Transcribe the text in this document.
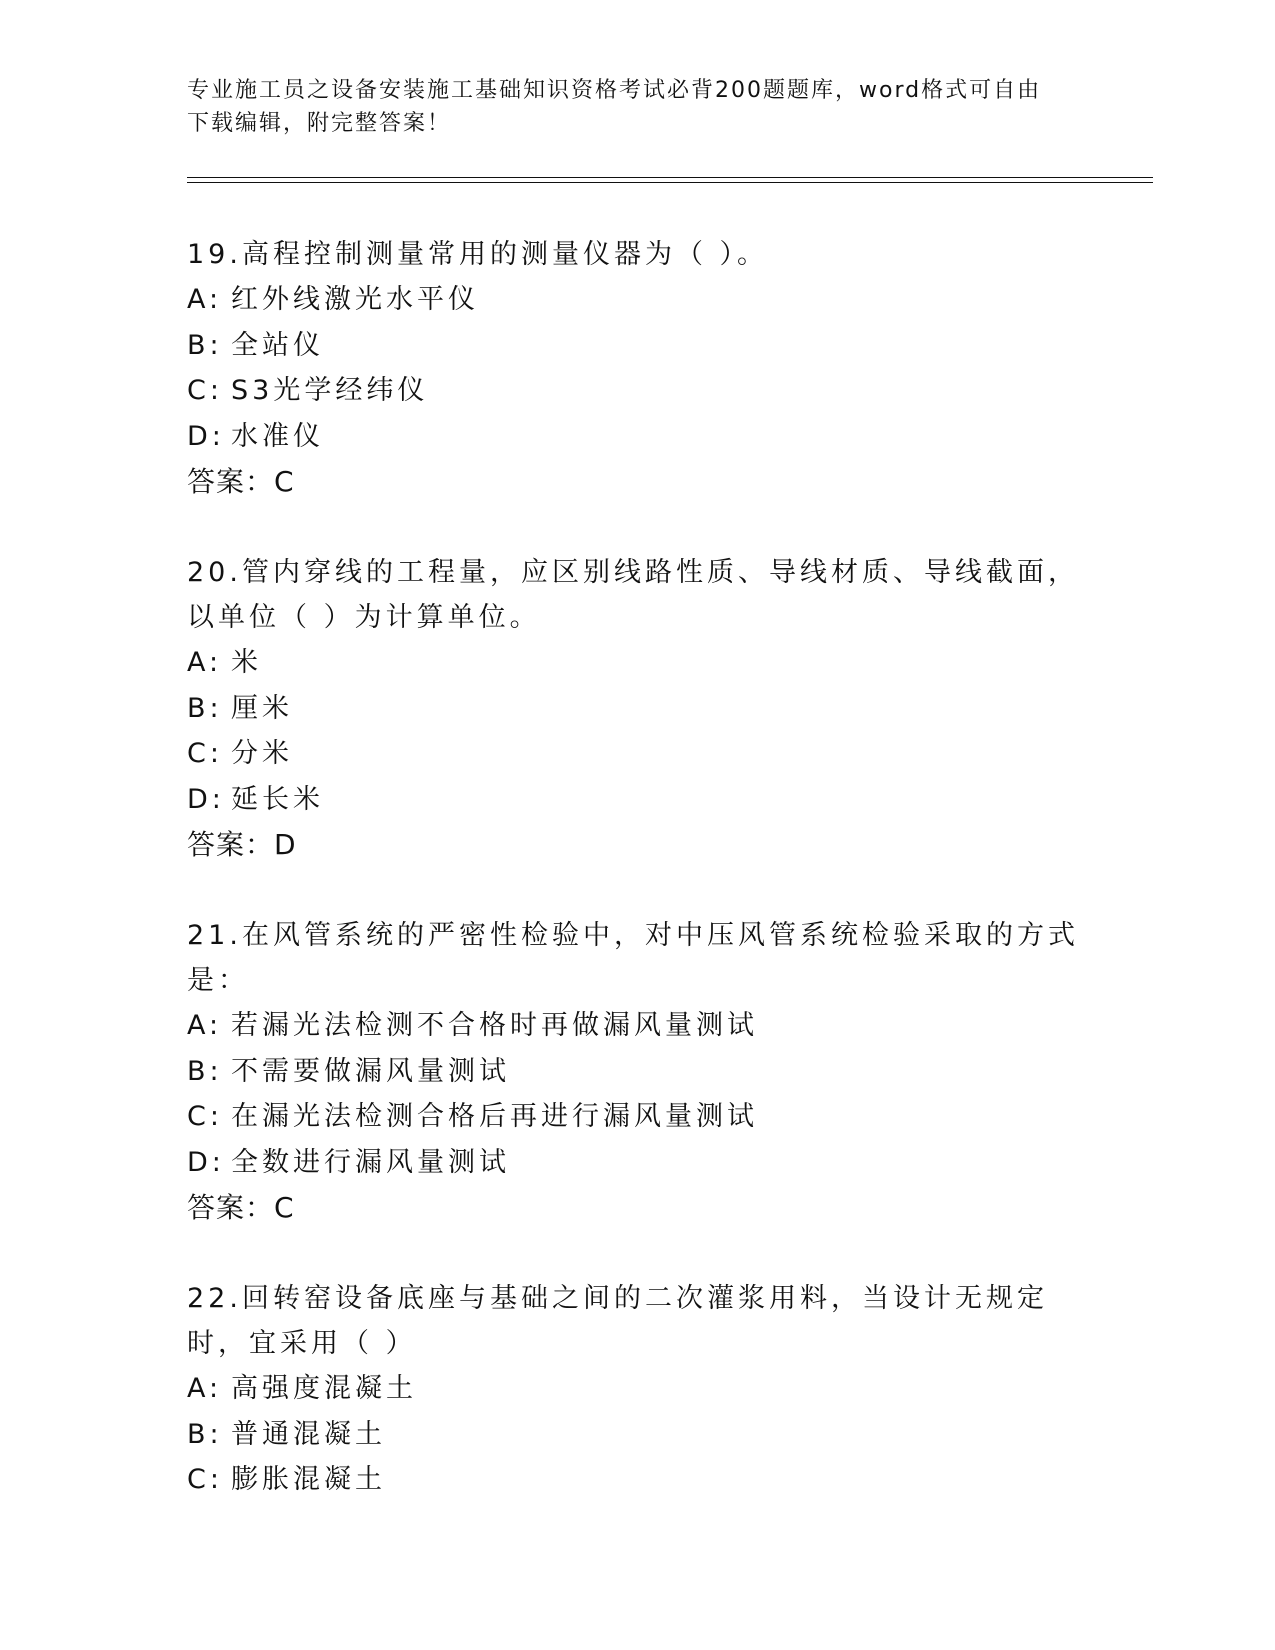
专业施工员之设备安装施工基础知识资格考试必背200题题库，word格式可自由
下载编辑，附完整答案！

19.高程控制测量常用的测量仪器为（ ）。

A: 红外线激光水平仪
B: 全站仪
C: S3光学经纬仪
D: 水准仪
答案：C

20.管内穿线的工程量，应区别线路性质、导线材质、导线截面，以单位（ ）为计算单位。

A: 米
B: 厘米
C: 分米
D: 延长米
答案：D

21.在风管系统的严密性检验中，对中压风管系统检验采取的方式是：

A: 若漏光法检测不合格时再做漏风量测试
B: 不需要做漏风量测试
C: 在漏光法检测合格后再进行漏风量测试
D: 全数进行漏风量测试
答案：C

22.回转窑设备底座与基础之间的二次灌浆用料，当设计无规定时，宜采用（ ）

A: 高强度混凝土
B: 普通混凝土
C: 膨胀混凝土
